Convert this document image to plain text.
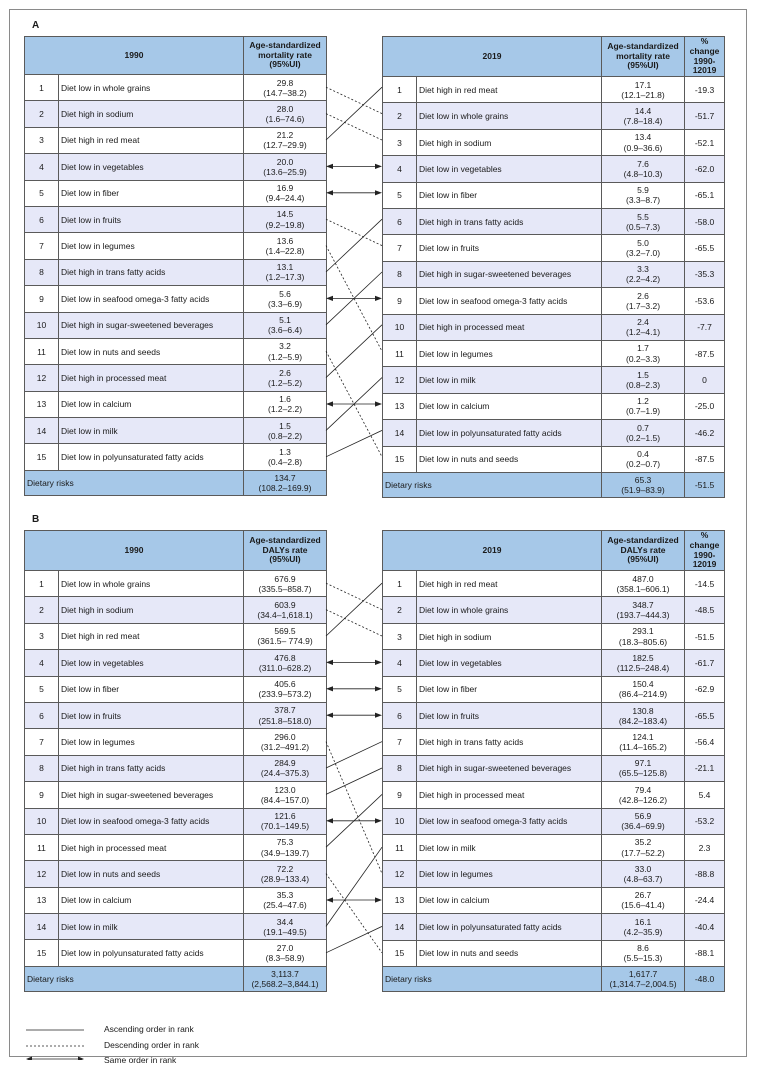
A
1990		Age-standardized mortality rate (95%UI)
1	Diet low in whole grains	29.8
(14.7–38.2)

2	Diet high in sodium	28.0
(1.6–74.6)

3	Diet high in red meat	21.2
(12.7–29.9)

4	Diet low in vegetables	20.0
(13.6–25.9)

5	Diet low in fiber	16.9
(9.4–24.4)

6	Diet low in fruits	14.5
(9.2–19.8)

7	Diet low in legumes	13.6
(1.4–22.8)

8	Diet high in trans fatty acids	13.1
(1.2–17.3)

9	Diet low in seafood omega-3 fatty acids	5.6
(3.3–6.9)

10	Diet high in sugar-sweetened beverages	5.1
(3.6–6.4)

11	Diet low in nuts and seeds	3.2
(1.2–5.9)

12	Diet high in processed meat	2.6
(1.2–5.2)

13	Diet low in calcium	1.6
(1.2–2.2)

14	Diet low in milk	1.5
(0.8–2.2)

15	Diet low in polyunsaturated fatty acids	1.3
(0.4–2.8)

Dietary risks		134.7
(108.2–169.9)
2019		Age-standardized mortality rate (95%UI)	% change 1990-12019
1	Diet high in red meat	17.1
(12.1–21.8)	-19.3
2	Diet low in whole grains	14.4
(7.8–18.4)	-51.7
3	Diet high in sodium	13.4
(0.9–36.6)	-52.1
4	Diet low in vegetables	7.6
(4.8–10.3)	-62.0
5	Diet low in fiber	5.9
(3.3–8.7)	-65.1
6	Diet high in trans fatty acids	5.5
(0.5–7.3)	-58.0
7	Diet low in fruits	5.0
(3.2–7.0)	-65.5
8	Diet high in sugar-sweetened beverages	3.3
(2.2–4.2)	-35.3
9	Diet low in seafood omega-3 fatty acids	2.6
(1.7–3.2)	-53.6
10	Diet high in processed meat	2.4
(1.2–4.1)	-7.7
11	Diet low in legumes	1.7
(0.2–3.3)	-87.5
12	Diet low in milk	1.5
(0.8–2.3)	0
13	Diet low in calcium	1.2
(0.7–1.9)	-25.0
14	Diet low in polyunsaturated fatty acids	0.7
(0.2–1.5)	-46.2
15	Diet low in nuts and seeds	0.4
(0.2–0.7)	-87.5
Dietary risks		65.3
(51.9–83.9)	-51.5
B
1990		Age-standardized DALYs rate (95%UI)
1	Diet low in whole grains	676.9
(335.5–858.7)

2	Diet high in sodium	603.9
(34.4–1,618.1)

3	Diet high in red meat	569.5
(361.5– 774.9)

4	Diet low in vegetables	476.8
(311.0–628.2)

5	Diet low in fiber	405.6
(233.9–573.2)

6	Diet low in fruits	378.7
(251.8–518.0)

7	Diet low in legumes	296.0
(31.2–491.2)

8	Diet high in trans fatty acids	284.9
(24.4–375.3)

9	Diet high in sugar-sweetened beverages	123.0
(84.4–157.0)

10	Diet low in seafood omega-3 fatty acids	121.6
(70.1–149.5)

11	Diet high in processed meat	75.3
(34.9–139.7)

12	Diet low in nuts and seeds	72.2
(28.9–133.4)

13	Diet low in calcium	35.3
(25.4–47.6)

14	Diet low in milk	34.4
(19.1–49.5)

15	Diet low in polyunsaturated fatty acids	27.0
(8.3–58.9)

Dietary risks		3,113.7
(2,568.2–3,844.1)
2019		Age-standardized DALYs rate (95%UI)	% change 1990-12019
1	Diet high in red meat	487.0
(358.1–606.1)	-14.5
2	Diet low in whole grains	348.7
(193.7–444.3)	-48.5
3	Diet high in sodium	293.1
(18.3–805.6)	-51.5
4	Diet low in vegetables	182.5
(112.5–248.4)	-61.7
5	Diet low in fiber	150.4
(86.4–214.9)	-62.9
6	Diet low in fruits	130.8
(84.2–183.4)	-65.5
7	Diet high in trans fatty acids	124.1
(11.4–165.2)	-56.4
8	Diet high in sugar-sweetened beverages	97.1
(65.5–125.8)	-21.1
9	Diet high in processed meat	79.4
(42.8–126.2)	5.4
10	Diet low in seafood omega-3 fatty acids	56.9
(36.4–69.9)	-53.2
11	Diet low in milk	35.2
(17.7–52.2)	2.3
12	Diet low in legumes	33.0
(4.8–63.7)	-88.8
13	Diet low in calcium	26.7
(15.6–41.4)	-24.4
14	Diet low in polyunsaturated fatty acids	16.1
(4.2–35.9)	-40.4
15	Diet low in nuts and seeds	8.6
(5.5–15.3)	-88.1
Dietary risks		1,617.7
(1,314.7–2,004.5)	-48.0
Ascending order in rank
Descending order in rank
Same order in rank
